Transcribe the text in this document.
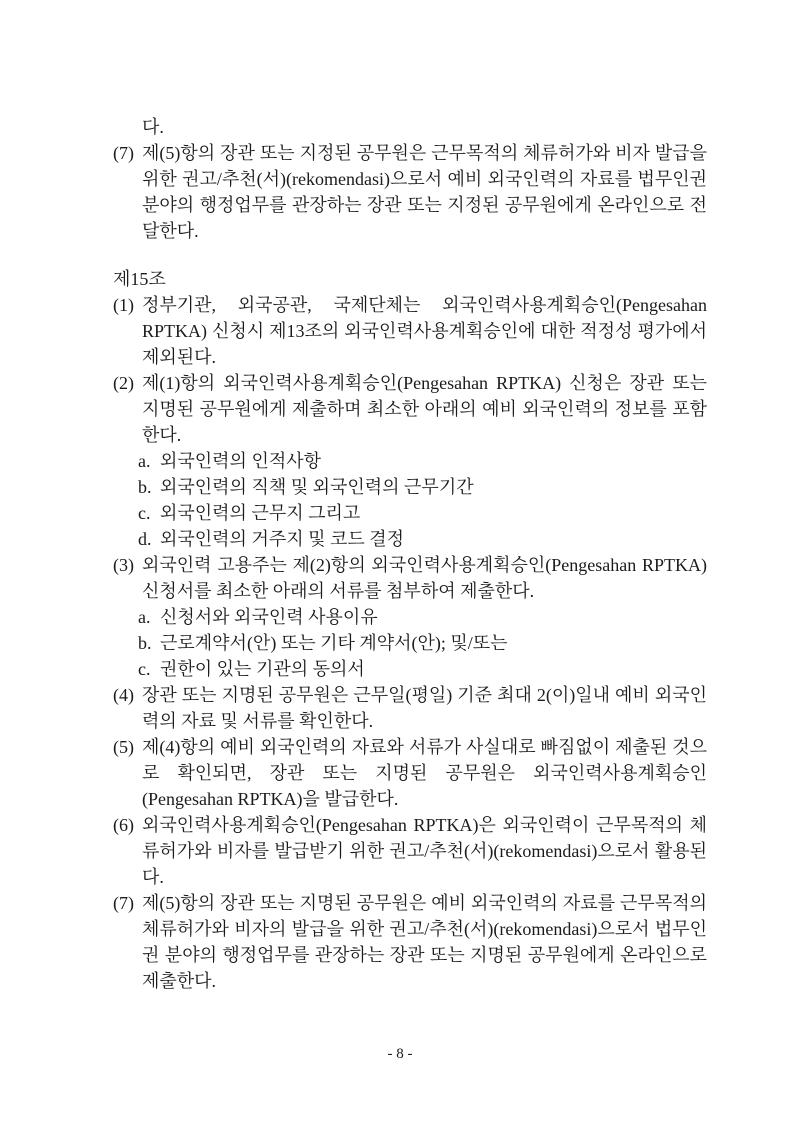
다.

(7) 제(5)항의 장관 또는 지정된 공무원은 근무목적의 체류허가와 비자 발급을 위한 권고/추천(서)(rekomendasi)으로서 예비 외국인력의 자료를 법무인권 분야의 행정업무를 관장하는 장관 또는 지정된 공무원에게 온라인으로 전달한다.
제15조
(1) 정부기관, 외국공관, 국제단체는 외국인력사용계획승인(Pengesahan RPTKA) 신청시 제13조의 외국인력사용계획승인에 대한 적정성 평가에서 제외된다.
(2) 제(1)항의 외국인력사용계획승인(Pengesahan RPTKA) 신청은 장관 또는 지명된 공무원에게 제출하며 최소한 아래의 예비 외국인력의 정보를 포함한다.
a. 외국인력의 인적사항
b. 외국인력의 직책 및 외국인력의 근무기간
c. 외국인력의 근무지 그리고
d. 외국인력의 거주지 및 코드 결정
(3) 외국인력 고용주는 제(2)항의 외국인력사용계획승인(Pengesahan RPTKA) 신청서를 최소한 아래의 서류를 첨부하여 제출한다.
a. 신청서와 외국인력 사용이유
b. 근로계약서(안) 또는 기타 계약서(안); 및/또는
c. 권한이 있는 기관의 동의서
(4) 장관 또는 지명된 공무원은 근무일(평일) 기준 최대 2(이)일내 예비 외국인력의 자료 및 서류를 확인한다.
(5) 제(4)항의 예비 외국인력의 자료와 서류가 사실대로 빠짐없이 제출된 것으로 확인되면, 장관 또는 지명된 공무원은 외국인력사용계획승인(Pengesahan RPTKA)을 발급한다.
(6) 외국인력사용계획승인(Pengesahan RPTKA)은 외국인력이 근무목적의 체류허가와 비자를 발급받기 위한 권고/추천(서)(rekomendasi)으로서 활용된다.
(7) 제(5)항의 장관 또는 지명된 공무원은 예비 외국인력의 자료를 근무목적의 체류허가와 비자의 발급을 위한 권고/추천(서)(rekomendasi)으로서 법무인권 분야의 행정업무를 관장하는 장관 또는 지명된 공무원에게 온라인으로 제출한다.
- 8 -
